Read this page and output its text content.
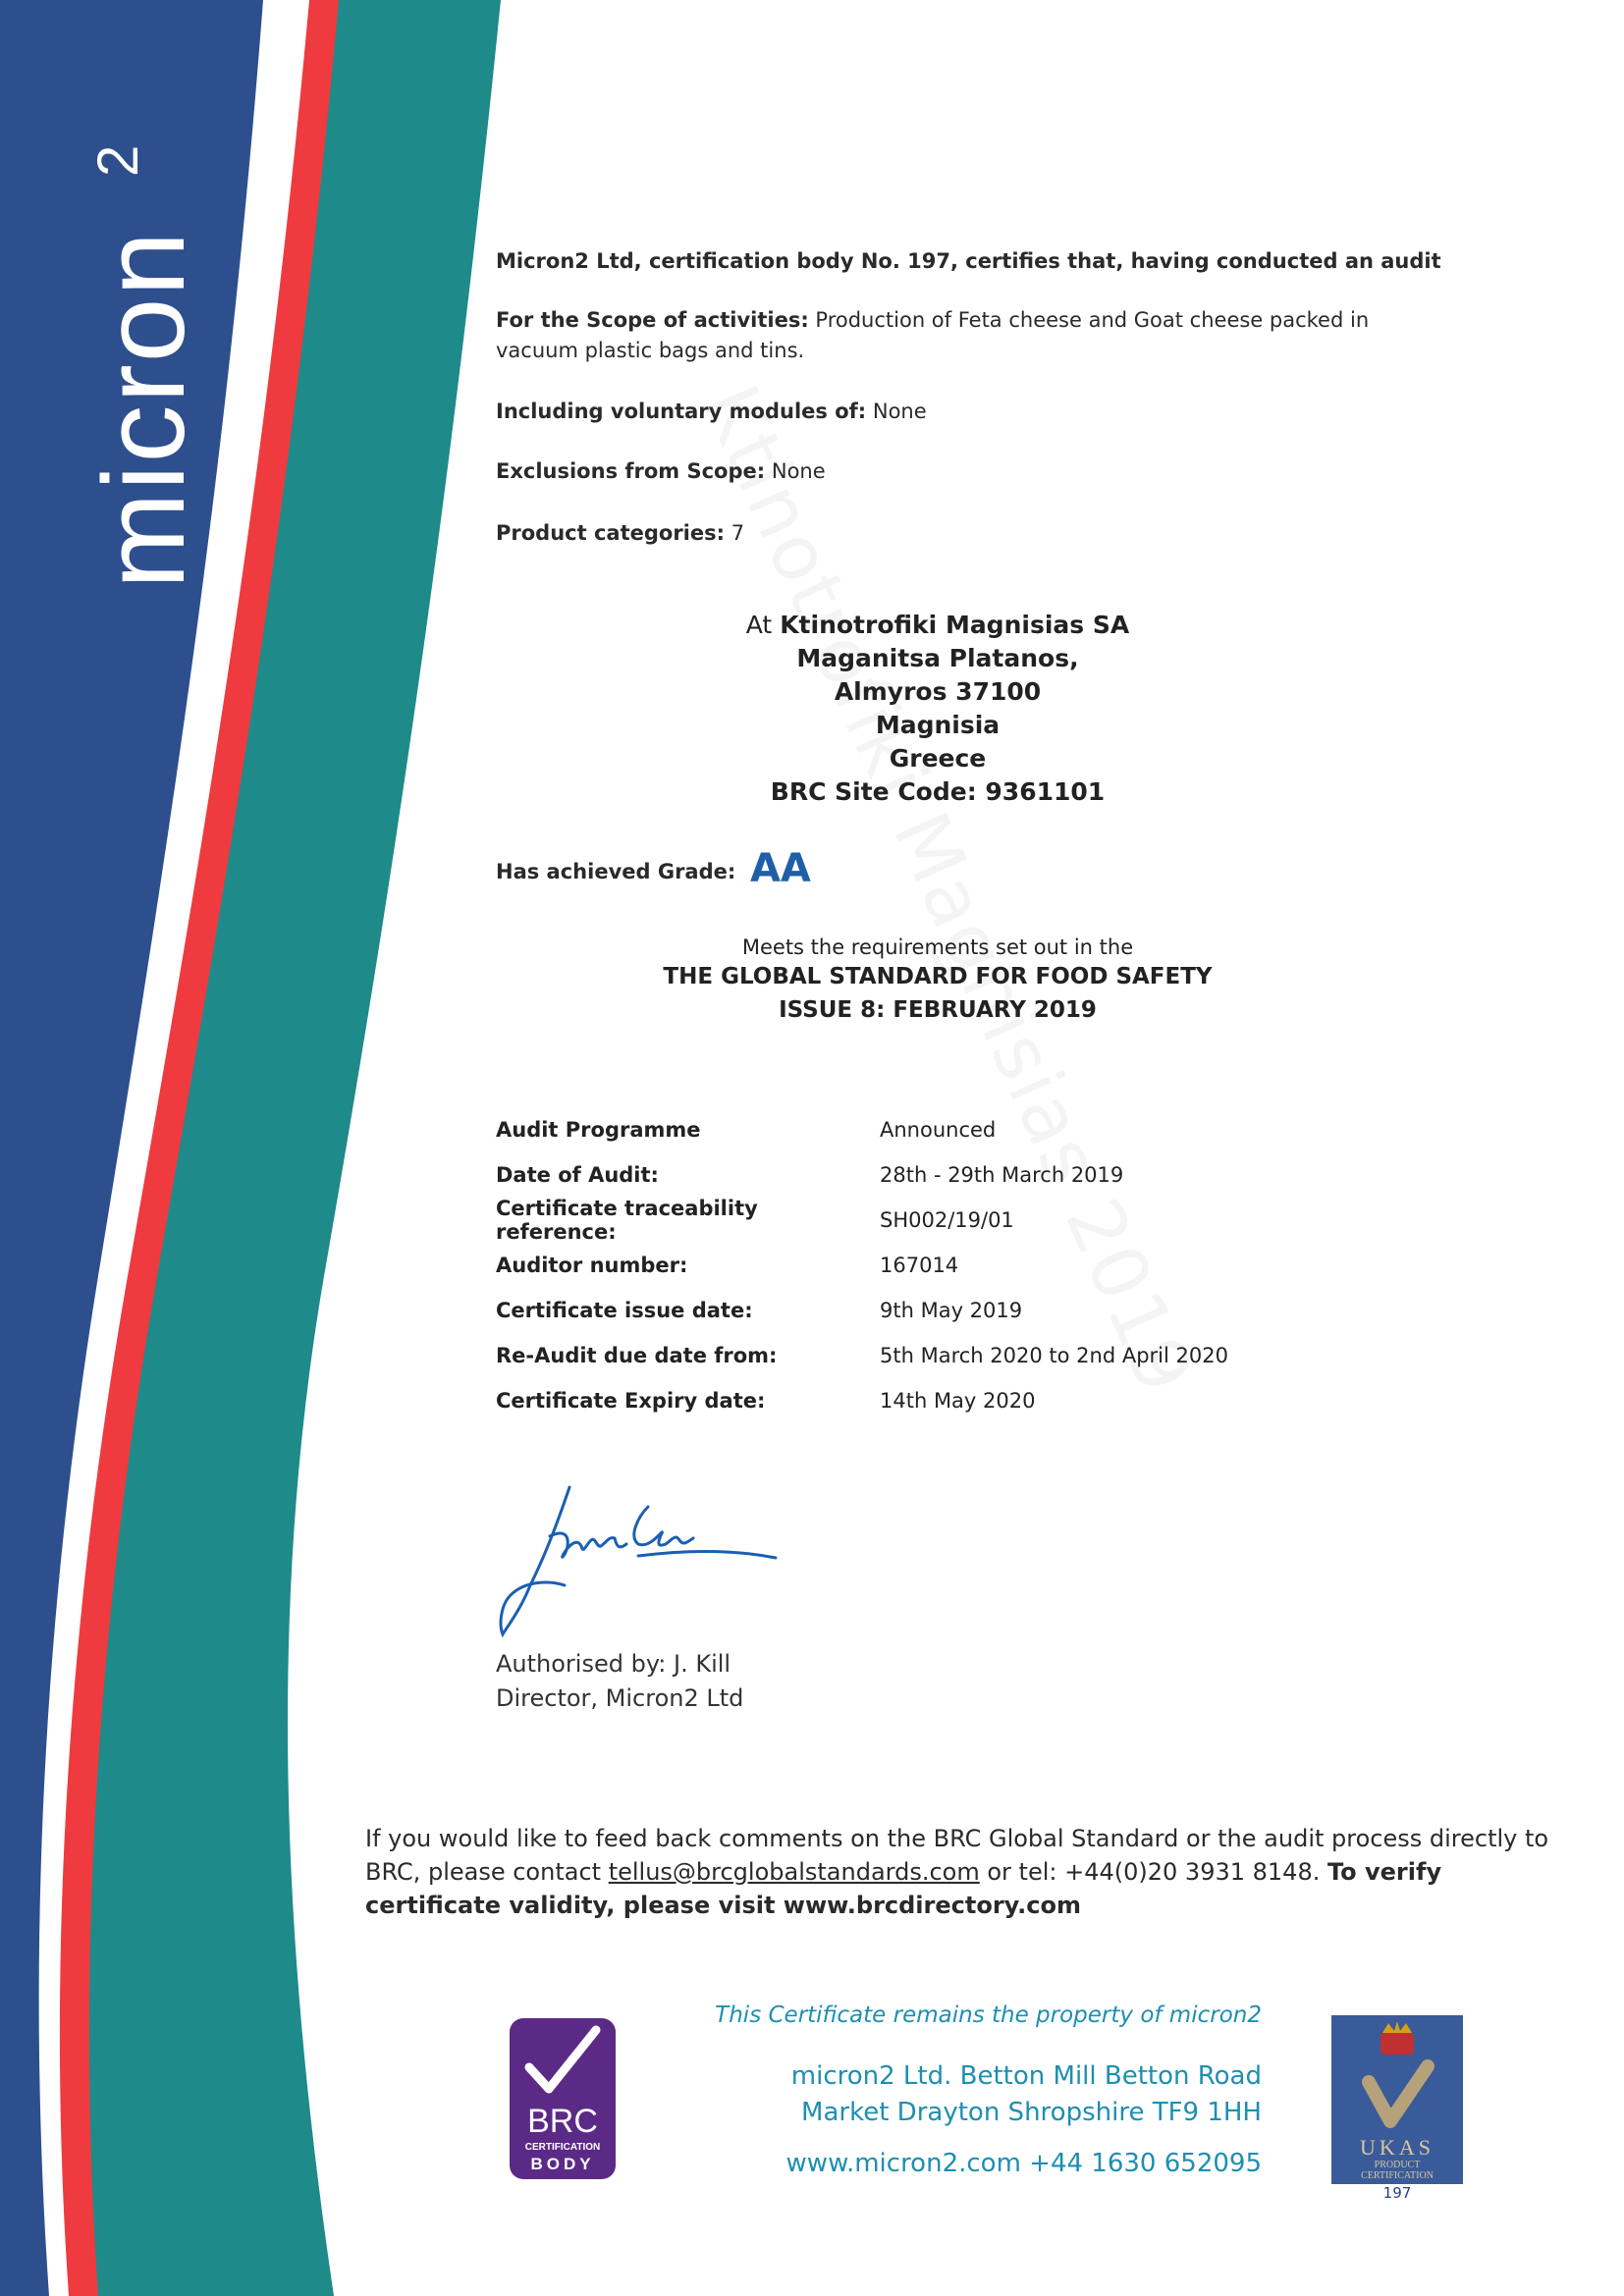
micron
2
Micron2 Ltd, certification body No. 197, certifies that, having conducted an audit
For the Scope of activities: Production of Feta cheese and Goat cheese packed in
vacuum plastic bags and tins.
Including voluntary modules of: None
Exclusions from Scope: None
Product categories: 7
At Ktinotrofiki Magnisias SA
Maganitsa Platanos,
Almyros 37100
Magnisia
Greece
BRC Site Code: 9361101
Has achieved Grade: AA
Meets the requirements set out in the
THE GLOBAL STANDARD FOR FOOD SAFETY
ISSUE 8: FEBRUARY 2019
Audit Programme	Announced
Date of Audit:	28th - 29th March 2019
Certificate traceability reference:	SH002/19/01
Auditor number:	167014
Certificate issue date:	9th May 2019
Re-Audit due date from:	5th March 2020 to 2nd April 2020
Certificate Expiry date:	14th May 2020
Authorised by: J. Kill
Director, Micron2 Ltd
If you would like to feed back comments on the BRC Global Standard or the audit process directly to BRC, please contact tellus@brcglobalstandards.com or tel: +44(0)20 3931 8148. To verify certificate validity, please visit www.brcdirectory.com
BRC
CERTIFICATION
BODY
This Certificate remains the property of micron2
micron2 Ltd. Betton Mill Betton Road
Market Drayton Shropshire TF9 1HH
www.micron2.com +44 1630 652095
UKAS
PRODUCT
CERTIFICATION
197
